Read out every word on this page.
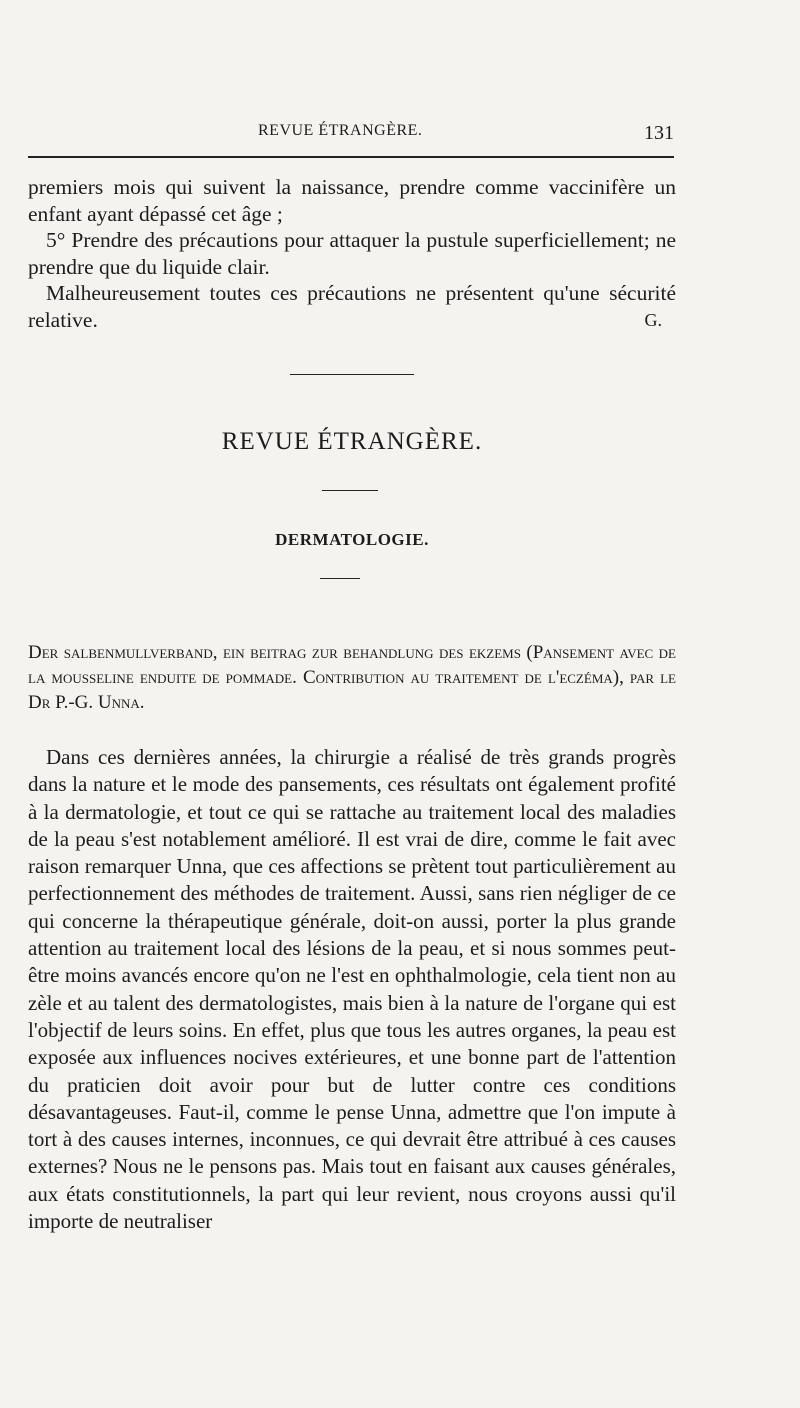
REVUE ÉTRANGÈRE.	131

premiers mois qui suivent la naissance, prendre comme vaccinifère un enfant ayant dépassé cet âge ;

5° Prendre des précautions pour attaquer la pustule superficiellement; ne prendre que du liquide clair.

Malheureusement toutes ces précautions ne présentent qu'une sécurité relative.	G.

REVUE ÉTRANGÈRE.
DERMATOLOGIE.
Der salbenmullverband, ein beitrag zur behandlung des ekzems (Pansement avec de la mousseline enduite de pommade. Contribution au traitement de l'eczéma), par le Dr P.-G. Unna.

Dans ces dernières années, la chirurgie a réalisé de très grands progrès dans la nature et le mode des pansements, ces résultats ont également profité à la dermatologie, et tout ce qui se rattache au traitement local des maladies de la peau s'est notablement amélioré. Il est vrai de dire, comme le fait avec raison remarquer Unna, que ces affections se prètent tout particulièrement au perfectionnement des méthodes de traitement. Aussi, sans rien négliger de ce qui concerne la thérapeutique générale, doit-on aussi, porter la plus grande attention au traitement local des lésions de la peau, et si nous sommes peut-être moins avancés encore qu'on ne l'est en ophthalmologie, cela tient non au zèle et au talent des dermatologistes, mais bien à la nature de l'organe qui est l'objectif de leurs soins. En effet, plus que tous les autres organes, la peau est exposée aux influences nocives extérieures, et une bonne part de l'attention du praticien doit avoir pour but de lutter contre ces conditions désavantageuses. Faut-il, comme le pense Unna, admettre que l'on impute à tort à des causes internes, inconnues, ce qui devrait être attribué à ces causes externes? Nous ne le pensons pas. Mais tout en faisant aux causes générales, aux états constitutionnels, la part qui leur revient, nous croyons aussi qu'il importe de neutraliser
